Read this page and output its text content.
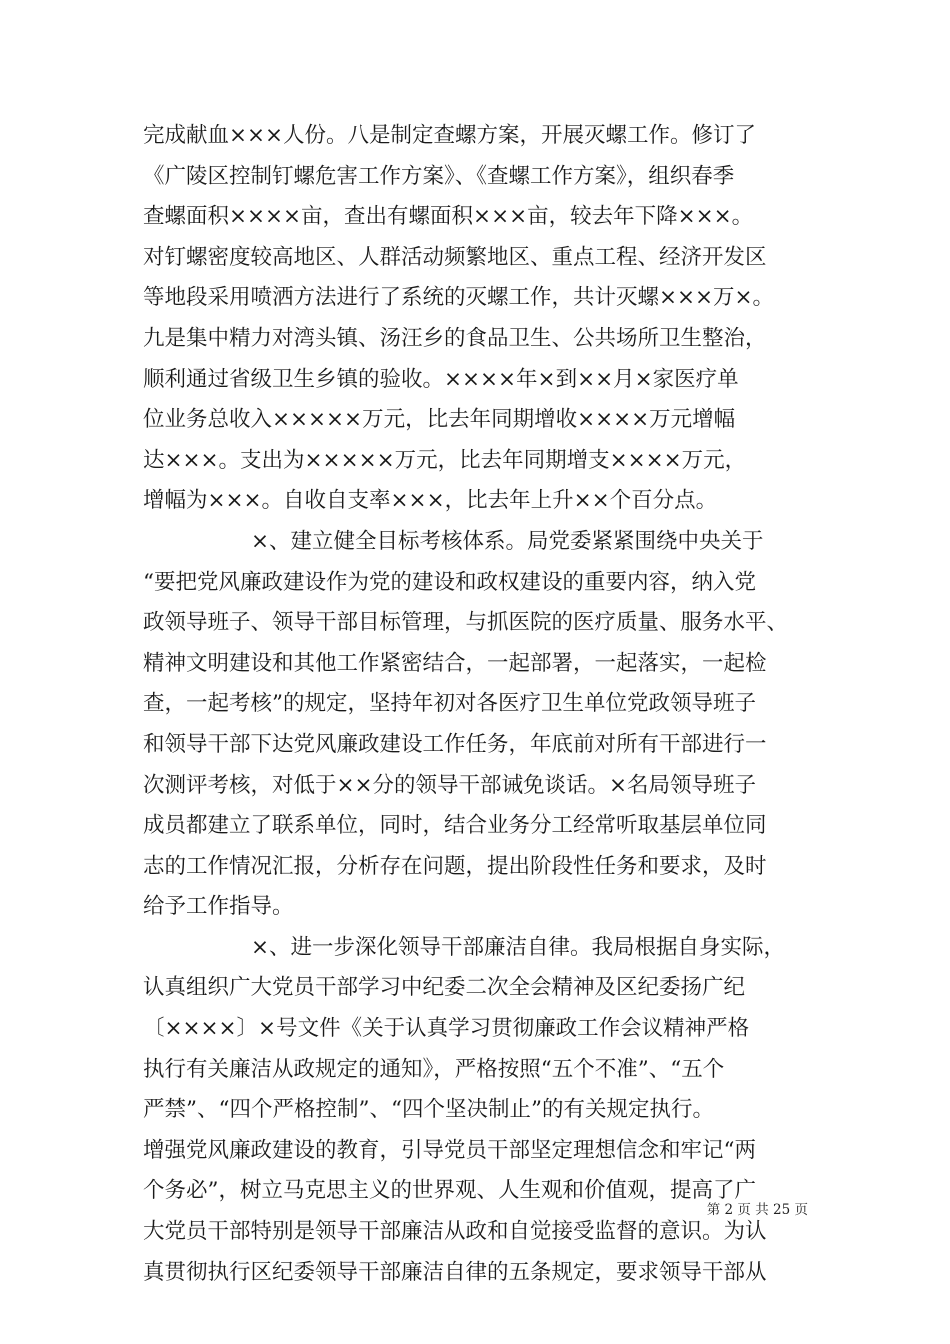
完成献血×××人份。八是制定查螺方案，开展灭螺工作。修订了
《广陵区控制钉螺危害工作方案》、《查螺工作方案》，组织春季
查螺面积××××亩，查出有螺面积×××亩，较去年下降×××。
对钉螺密度较高地区、人群活动频繁地区、重点工程、经济开发区
等地段采用喷洒方法进行了系统的灭螺工作，共计灭螺×××万×。
九是集中精力对湾头镇、汤汪乡的食品卫生、公共场所卫生整治，
顺利通过省级卫生乡镇的验收。××××年×到××月×家医疗单
位业务总收入×××××万元，比去年同期增收××××万元增幅
达×××。支出为×××××万元，比去年同期增支××××万元，
增幅为×××。自收自支率×××，比去年上升××个百分点。
×、建立健全目标考核体系。局党委紧紧围绕中央关于
“要把党风廉政建设作为党的建设和政权建设的重要内容，纳入党
政领导班子、领导干部目标管理，与抓医院的医疗质量、服务水平、
精神文明建设和其他工作紧密结合，一起部署，一起落实，一起检
查，一起考核”的规定，坚持年初对各医疗卫生单位党政领导班子
和领导干部下达党风廉政建设工作任务，年底前对所有干部进行一
次测评考核，对低于××分的领导干部诫免谈话。×名局领导班子
成员都建立了联系单位，同时，结合业务分工经常听取基层单位同
志的工作情况汇报，分析存在问题，提出阶段性任务和要求，及时
给予工作指导。
×、进一步深化领导干部廉洁自律。我局根据自身实际，
认真组织广大党员干部学习中纪委二次全会精神及区纪委扬广纪
〔××××〕×号文件《关于认真学习贯彻廉政工作会议精神严格
执行有关廉洁从政规定的通知》，严格按照“五个不准”、“五个
严禁”、“四个严格控制”、“四个坚决制止”的有关规定执行。
增强党风廉政建设的教育，引导党员干部坚定理想信念和牢记“两
个务必”，树立马克思主义的世界观、人生观和价值观，提高了广
大党员干部特别是领导干部廉洁从政和自觉接受监督的意识。为认
真贯彻执行区纪委领导干部廉洁自律的五条规定，要求领导干部从
第 2 页 共 25 页
